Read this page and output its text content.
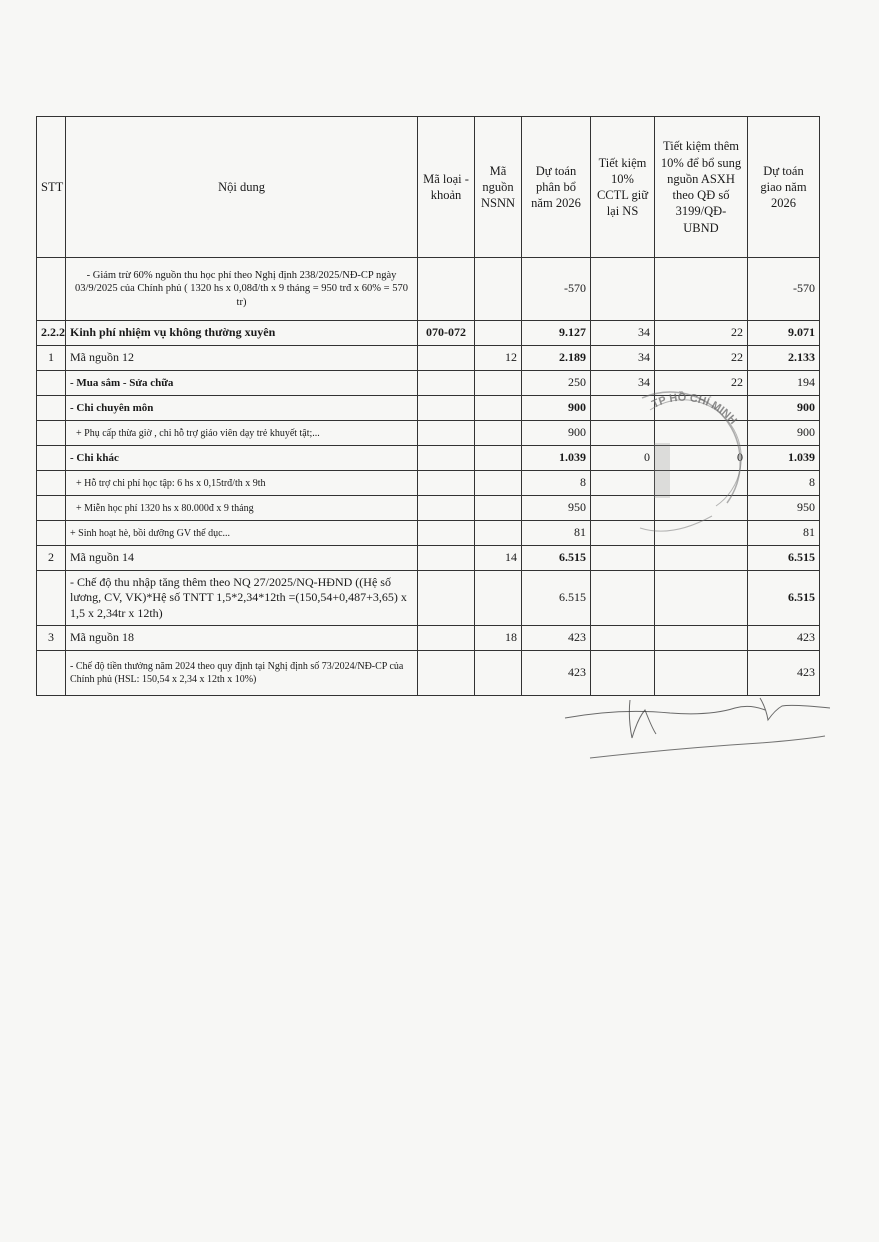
STT	Nội dung	Mã loại - khoản	Mã nguồn NSNN	Dự toán phân bổ năm 2026	Tiết kiệm 10% CCTL giữ lại NS	Tiết kiệm thêm 10% để bổ sung nguồn ASXH theo QĐ số 3199/QĐ-UBND	Dự toán giao năm 2026
	- Giảm trừ 60% nguồn thu học phí theo Nghị định 238/2025/NĐ-CP ngày 03/9/2025 của Chính phủ ( 1320 hs x 0,08đ/th x 9 tháng = 950 trđ x 60% = 570 tr)			-570			-570
2.2.2	Kinh phí nhiệm vụ không thường xuyên	070-072		9.127	34	22	9.071
1	Mã nguồn 12		12	2.189	34	22	2.133
	- Mua sắm - Sửa chữa			250	34	22	194
	- Chi chuyên môn			900			900
	+ Phụ cấp thừa giờ , chi hỗ trợ giáo viên dạy trẻ khuyết tật;...			900			900
	- Chi khác			1.039	0	0	1.039
	+ Hỗ trợ chi phí học tập: 6 hs x 0,15trđ/th x 9th			8			8
	+ Miễn học phí 1320 hs x 80.000đ x 9 tháng			950			950
	+ Sinh hoạt hè, bồi dưỡng GV thể dục...			81			81
2	Mã nguồn 14		14	6.515			6.515
	- Chế độ thu nhập tăng thêm theo NQ 27/2025/NQ-HĐND ((Hệ số lương, CV, VK)*Hệ số TNTT 1,5*2,34*12th =(150,54+0,487+3,65) x 1,5 x 2,34tr x 12th)			6.515			6.515
3	Mã nguồn 18		18	423			423
	- Chế độ tiền thưởng năm 2024 theo quy định tại Nghị định số 73/2024/NĐ-CP của Chính phủ (HSL: 150,54 x 2,34 x 12th x 10%)			423			423
TP HỒ CHÍ MINH
